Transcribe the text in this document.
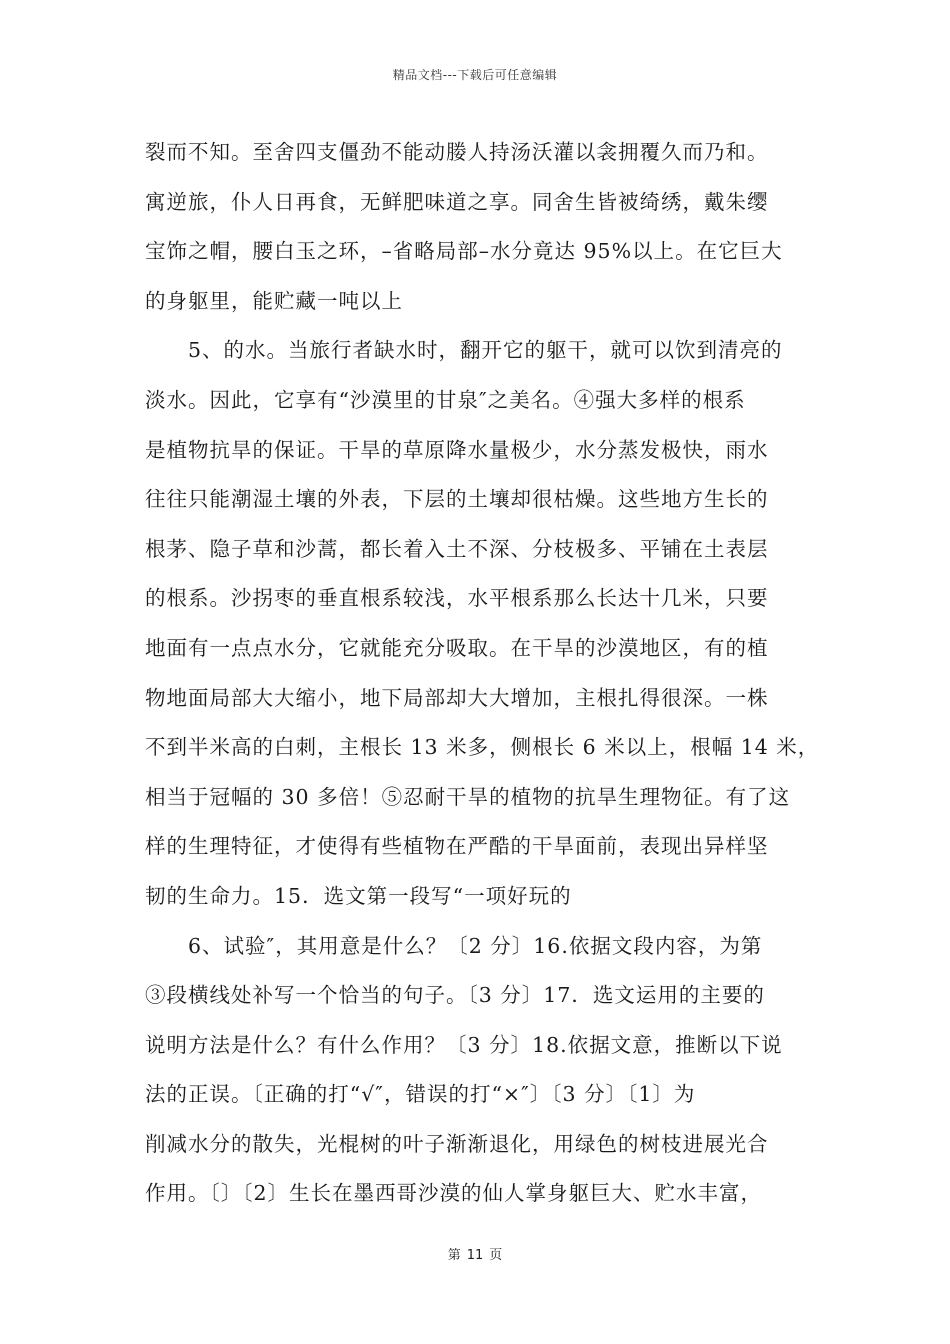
精品文档---下载后可任意编辑
裂而不知。至舍四支僵劲不能动媵人持汤沃灌以衾拥覆久而乃和。
寓逆旅，仆人日再食，无鲜肥味道之享。同舍生皆被绮绣，戴朱缨
宝饰之帽，腰白玉之环，–省略局部–水分竟达 95%以上。在它巨大
的身躯里，能贮藏一吨以上
5、的水。当旅行者缺水时，翻开它的躯干，就可以饮到清亮的
淡水。因此，它享有“沙漠里的甘泉″之美名。④强大多样的根系
是植物抗旱的保证。干旱的草原降水量极少，水分蒸发极快，雨水
往往只能潮湿土壤的外表，下层的土壤却很枯燥。这些地方生长的
根茅、隐子草和沙蒿，都长着入土不深、分枝极多、平铺在土表层
的根系。沙拐枣的垂直根系较浅，水平根系那么长达十几米，只要
地面有一点点水分，它就能充分吸取。在干旱的沙漠地区，有的植
物地面局部大大缩小，地下局部却大大增加，主根扎得很深。一株
不到半米高的白刺，主根长 13 米多，侧根长 6 米以上，根幅 14 米，
相当于冠幅的 30 多倍！⑤忍耐干旱的植物的抗旱生理物征。有了这
样的生理特征，才使得有些植物在严酷的干旱面前，表现出异样坚
韧的生命力。15．选文第一段写“一项好玩的
6、试验″，其用意是什么？〔2 分〕16.依据文段内容，为第
③段横线处补写一个恰当的句子。〔3 分〕17．选文运用的主要的
说明方法是什么？有什么作用？〔3 分〕18.依据文意，推断以下说
法的正误。〔正确的打“√″，错误的打“×″〕〔3 分〕〔1〕为
削减水分的散失，光棍树的叶子渐渐退化，用绿色的树枝进展光合
作用。〔〕〔2〕生长在墨西哥沙漠的仙人掌身躯巨大、贮水丰富，
第 11 页
